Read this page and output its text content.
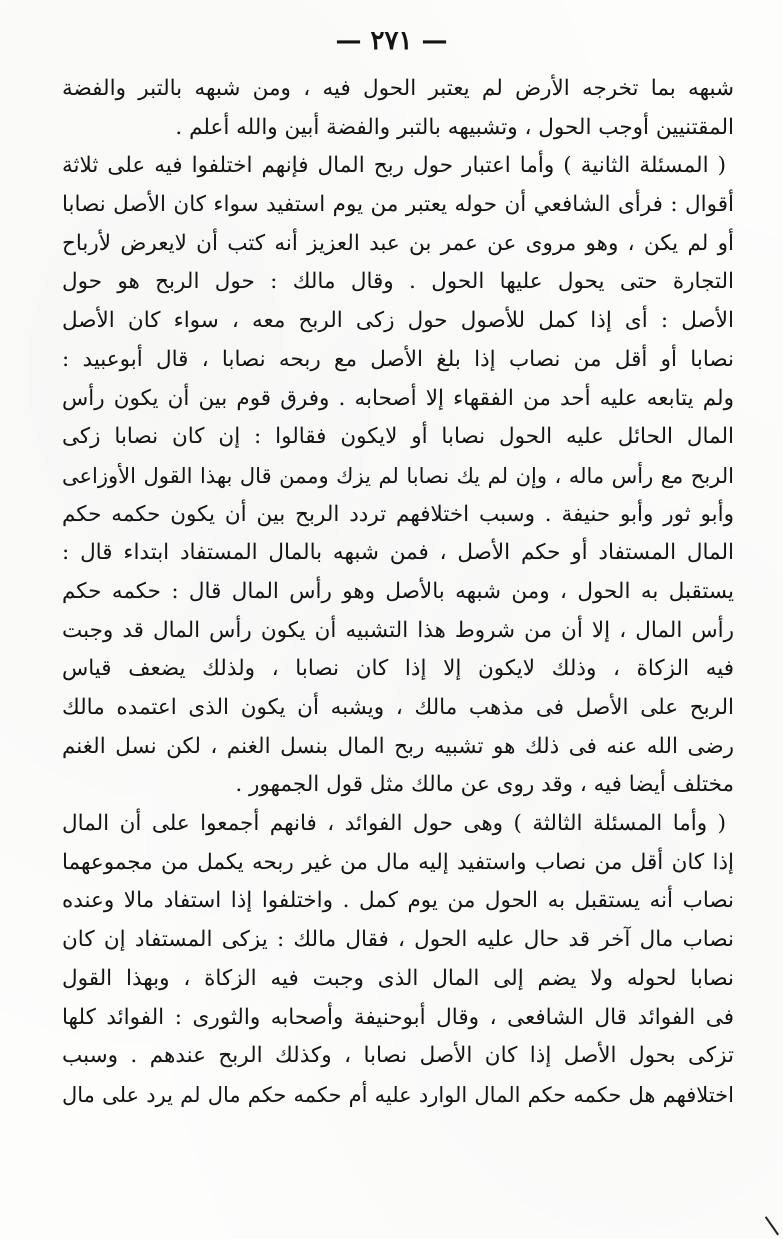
— ٢٧١ —
شبهه بما تخرجه الأرض لم يعتبر الحول فيه ، ومن شبهه بالتبر والفضة
المقتنيين أوجب الحول ، وتشبيهه بالتبر والفضة أبين والله أعلم .
( المسئلة الثانية ) وأما اعتبار حول ربح المال فإنهم اختلفوا فيه على ثلاثة
أقوال : فرأى الشافعي أن حوله يعتبر من يوم استفيد سواء كان الأصل نصابا
أو لم يكن ، وهو مروى عن عمر بن عبد العزيز أنه كتب أن لايعرض لأرباح
التجارة حتى يحول عليها الحول . وقال مالك : حول الربح هو حول
الأصل : أى إذا كمل للأصول حول زكى الربح معه ، سواء كان الأصل
نصابا أو أقل من نصاب إذا بلغ الأصل مع ربحه نصابا ، قال أبوعبيد :
ولم يتابعه عليه أحد من الفقهاء إلا أصحابه . وفرق قوم بين أن يكون رأس
المال الحائل عليه الحول نصابا أو لايكون فقالوا : إن كان نصابا زكى
الربح مع رأس ماله ، وإن لم يك نصابا لم يزك وممن قال بهذا القول الأوزاعى
وأبو ثور وأبو حنيفة . وسبب اختلافهم تردد الربح بين أن يكون حكمه حكم
المال المستفاد أو حكم الأصل ، فمن شبهه بالمال المستفاد ابتداء قال :
يستقبل به الحول ، ومن شبهه بالأصل وهو رأس المال قال : حكمه حكم
رأس المال ، إلا أن من شروط هذا التشبيه أن يكون رأس المال قد وجبت
فيه الزكاة ، وذلك لايكون إلا إذا كان نصابا ، ولذلك يضعف قياس
الربح على الأصل فى مذهب مالك ، ويشبه أن يكون الذى اعتمده مالك
رضى الله عنه فى ذلك هو تشبيه ربح المال بنسل الغنم ، لكن نسل الغنم
مختلف أيضا فيه ، وقد روى عن مالك مثل قول الجمهور .
( وأما المسئلة الثالثة ) وهى حول الفوائد ، فانهم أجمعوا على أن المال
إذا كان أقل من نصاب واستفيد إليه مال من غير ربحه يكمل من مجموعهما
نصاب أنه يستقبل به الحول من يوم كمل . واختلفوا إذا استفاد مالا وعنده
نصاب مال آخر قد حال عليه الحول ، فقال مالك : يزكى المستفاد إن كان
نصابا لحوله ولا يضم إلى المال الذى وجبت فيه الزكاة ، وبهذا القول
فى الفوائد قال الشافعى ، وقال أبوحنيفة وأصحابه والثورى : الفوائد كلها
تزكى بحول الأصل إذا كان الأصل نصابا ، وكذلك الربح عندهم . وسبب
اختلافهم هل حكمه حكم المال الوارد عليه أم حكمه حكم مال لم يرد على مال
